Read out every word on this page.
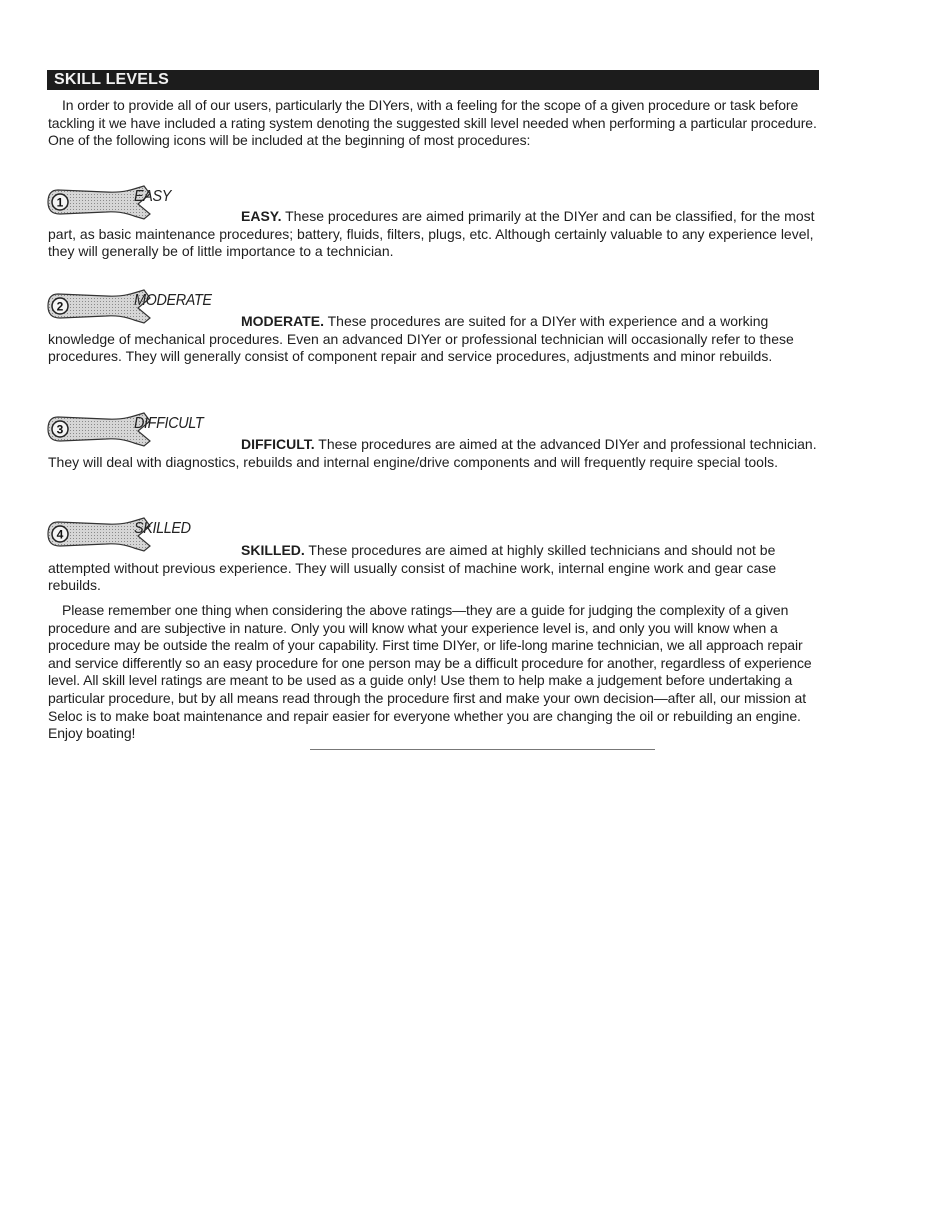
SKILL LEVELS

In order to provide all of our users, particularly the DIYers, with a feeling for the scope of a given procedure or task before tackling it we have included a rating system denoting the suggested skill level needed when performing a particular procedure. One of the following icons will be included at the beginning of most procedures:

1	EASY

EASY. These procedures are aimed primarily at the DIYer and can be classified, for the most part, as basic maintenance procedures; battery, fluids, filters, plugs, etc. Although certainly valuable to any experience level, they will generally be of little importance to a technician.

2	MODERATE

MODERATE. These procedures are suited for a DIYer with experience and a working knowledge of mechanical procedures. Even an advanced DIYer or professional technician will occasionally refer to these procedures. They will generally consist of component repair and service procedures, adjustments and minor rebuilds.

3	DIFFICULT

DIFFICULT. These procedures are aimed at the advanced DIYer and professional technician. They will deal with diagnostics, rebuilds and internal engine/drive components and will frequently require special tools.

4	SKILLED

SKILLED. These procedures are aimed at highly skilled technicians and should not be attempted without previous experience. They will usually consist of machine work, internal engine work and gear case rebuilds.

Please remember one thing when considering the above ratings—they are a guide for judging the complexity of a given procedure and are subjective in nature. Only you will know what your experience level is, and only you will know when a procedure may be outside the realm of your capability. First time DIYer, or life-long marine technician, we all approach repair and service differently so an easy procedure for one person may be a difficult procedure for another, regardless of experience level. All skill level ratings are meant to be used as a guide only! Use them to help make a judgement before undertaking a particular procedure, but by all means read through the procedure first and make your own decision—after all, our mission at Seloc is to make boat maintenance and repair easier for everyone whether you are changing the oil or rebuilding an engine. Enjoy boating!
